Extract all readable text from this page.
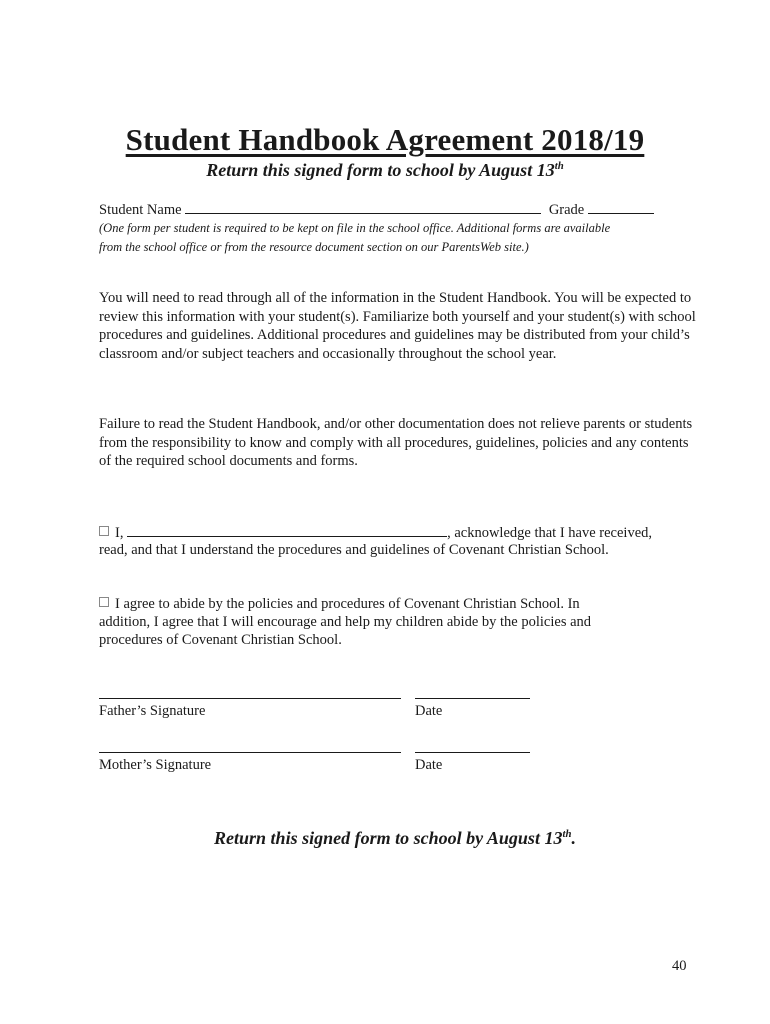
Student Handbook Agreement 2018/19
Return this signed form to school by August 13th
Student Name	Grade
(One form per student is required to be kept on file in the school office. Additional forms are available
from the school office or from the resource document section on our ParentsWeb site.)
You will need to read through all of the information in the Student Handbook. You will be expected to review this information with your student(s). Familiarize both yourself and your student(s) with school procedures and guidelines. Additional procedures and guidelines may be distributed from your child’s classroom and/or subject teachers and occasionally throughout the school year.
Failure to read the Student Handbook, and/or other documentation does not relieve parents or students from the responsibility to know and comply with all procedures, guidelines, policies and any contents of the required school documents and forms.
I,	, acknowledge that I have received,
read, and that I understand the procedures and guidelines of Covenant Christian School.
I agree to abide by the policies and procedures of Covenant Christian School. In
addition, I agree that I will encourage and help my children abide by the policies and
procedures of Covenant Christian School.
Father’s Signature	Date
Mother’s Signature	Date
Return this signed form to school by August 13th.
40
